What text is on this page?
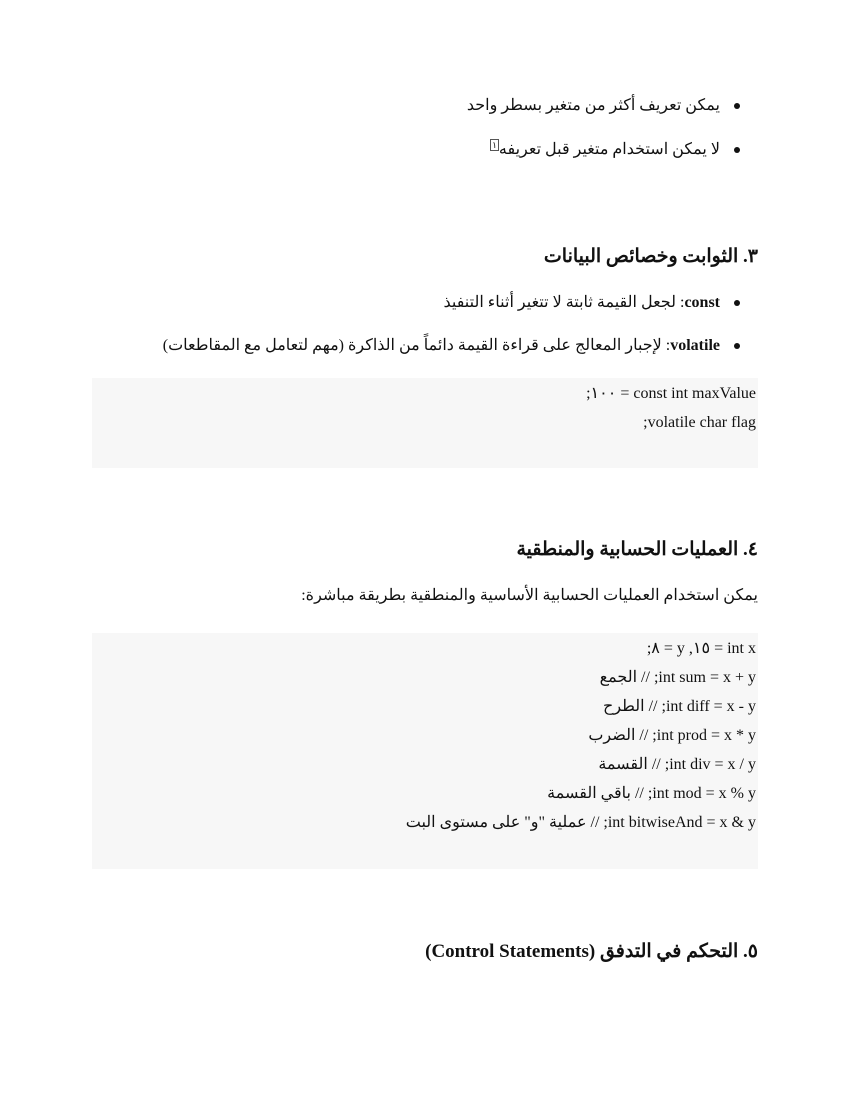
يمكن تعريف أكثر من متغير بسطر واحد
لا يمكن استخدام متغير قبل تعريفه$^١$
٣. الثوابت وخصائص البيانات
const: لجعل القيمة ثابتة لا تتغير أثناء التنفيذ
volatile: لإجبار المعالج على قراءة القيمة دائماً من الذاكرة (مهم لتعامل مع المقاطعات)
const int maxValue = ١٠٠;
volatile char flag;
٤. العمليات الحسابية والمنطقية
يمكن استخدام العمليات الحسابية الأساسية والمنطقية بطريقة مباشرة:
int x = ١٥, y = ٨;
int sum = x + y; // الجمع
int diff = x - y; // الطرح
int prod = x * y; // الضرب
int div = x / y; // القسمة
int mod = x % y; // باقي القسمة
int bitwiseAnd = x & y; // عملية "و" على مستوى البت
٥. التحكم في التدفق (Control Statements)
